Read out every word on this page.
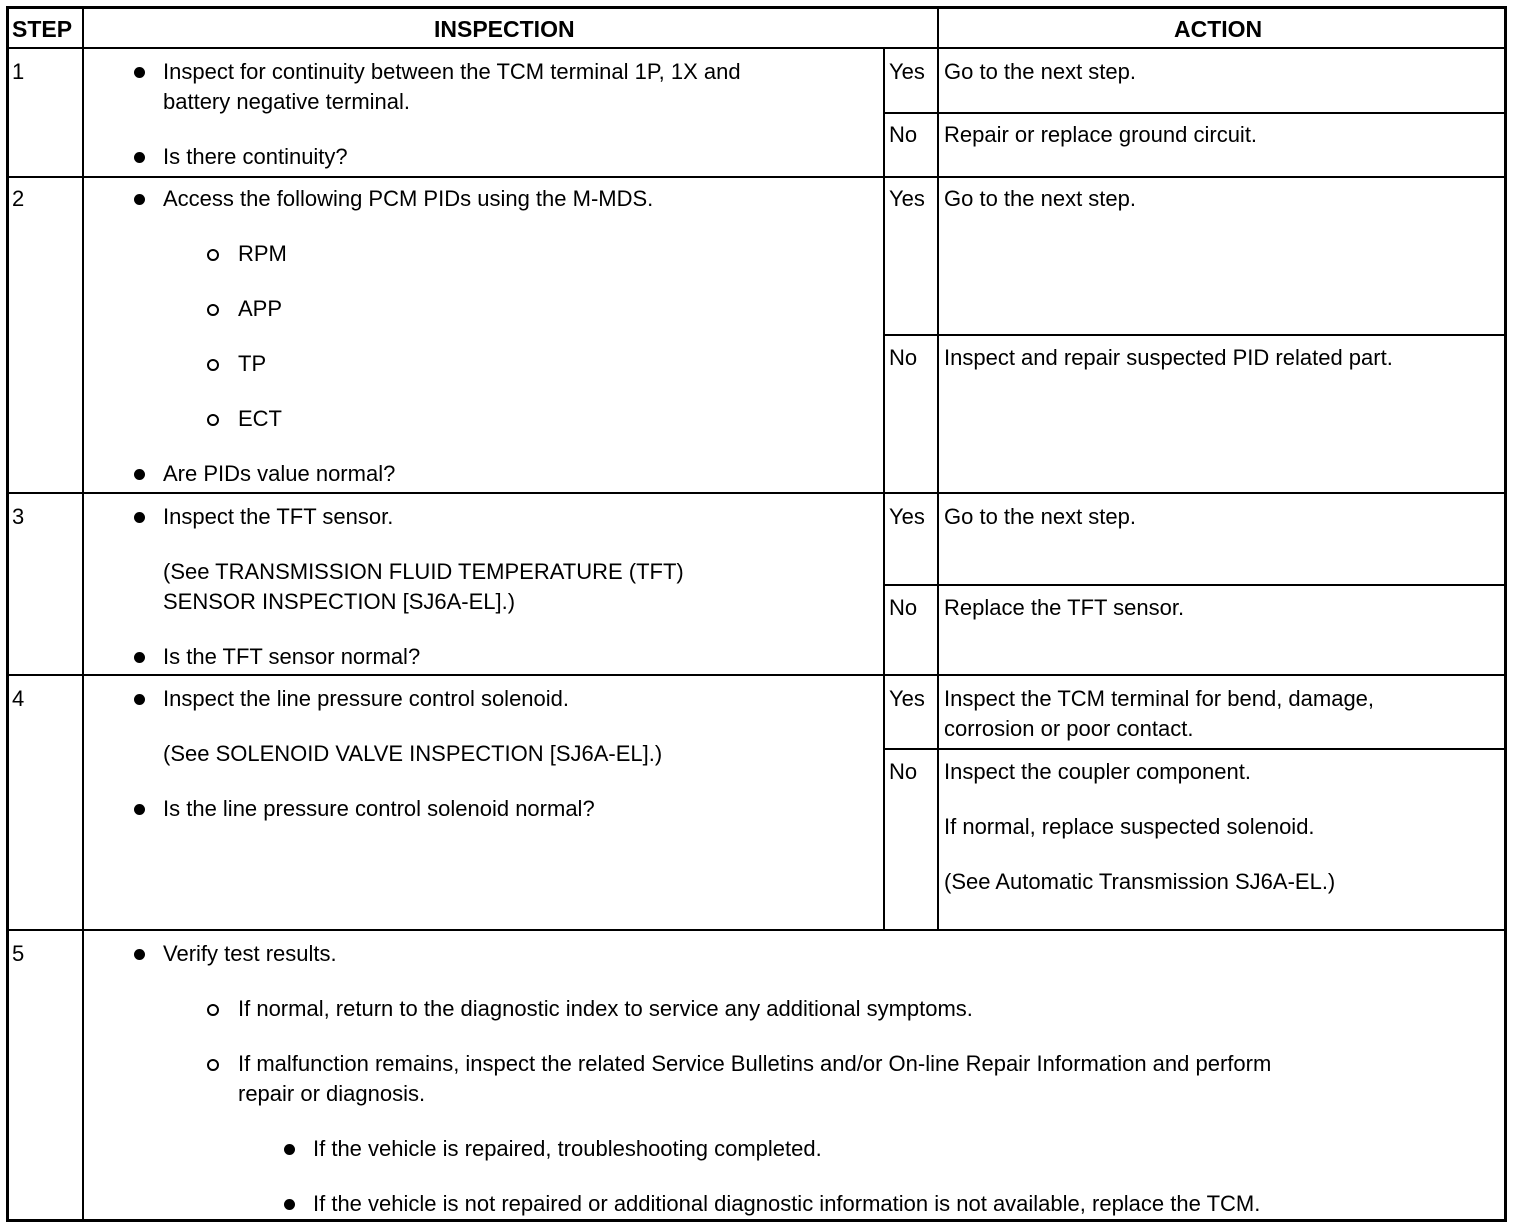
STEP	INSPECTION	ACTION
1	Inspect for continuity between the TCM terminal 1P, 1X and
battery negative terminal.
Is there continuity?
Yes Go to the next step.
No Repair or replace ground circuit.
2	Access the following PCM PIDs using the M-MDS.
RPM
APP
TP
ECT
Are PIDs value normal?
Yes Go to the next step.
No Inspect and repair suspected PID related part.
3	Inspect the TFT sensor.
(See TRANSMISSION FLUID TEMPERATURE (TFT)
SENSOR INSPECTION [SJ6A-EL].)
Is the TFT sensor normal?
Yes Go to the next step.
No Replace the TFT sensor.
4	Inspect the line pressure control solenoid.
(See SOLENOID VALVE INSPECTION [SJ6A-EL].)
Is the line pressure control solenoid normal?
Yes Inspect the TCM terminal for bend, damage,
corrosion or poor contact.
No Inspect the coupler component.
If normal, replace suspected solenoid.
(See Automatic Transmission SJ6A-EL.)
5	Verify test results.
If normal, return to the diagnostic index to service any additional symptoms.
If malfunction remains, inspect the related Service Bulletins and/or On-line Repair Information and perform
repair or diagnosis.
If the vehicle is repaired, troubleshooting completed.
If the vehicle is not repaired or additional diagnostic information is not available, replace the TCM.
